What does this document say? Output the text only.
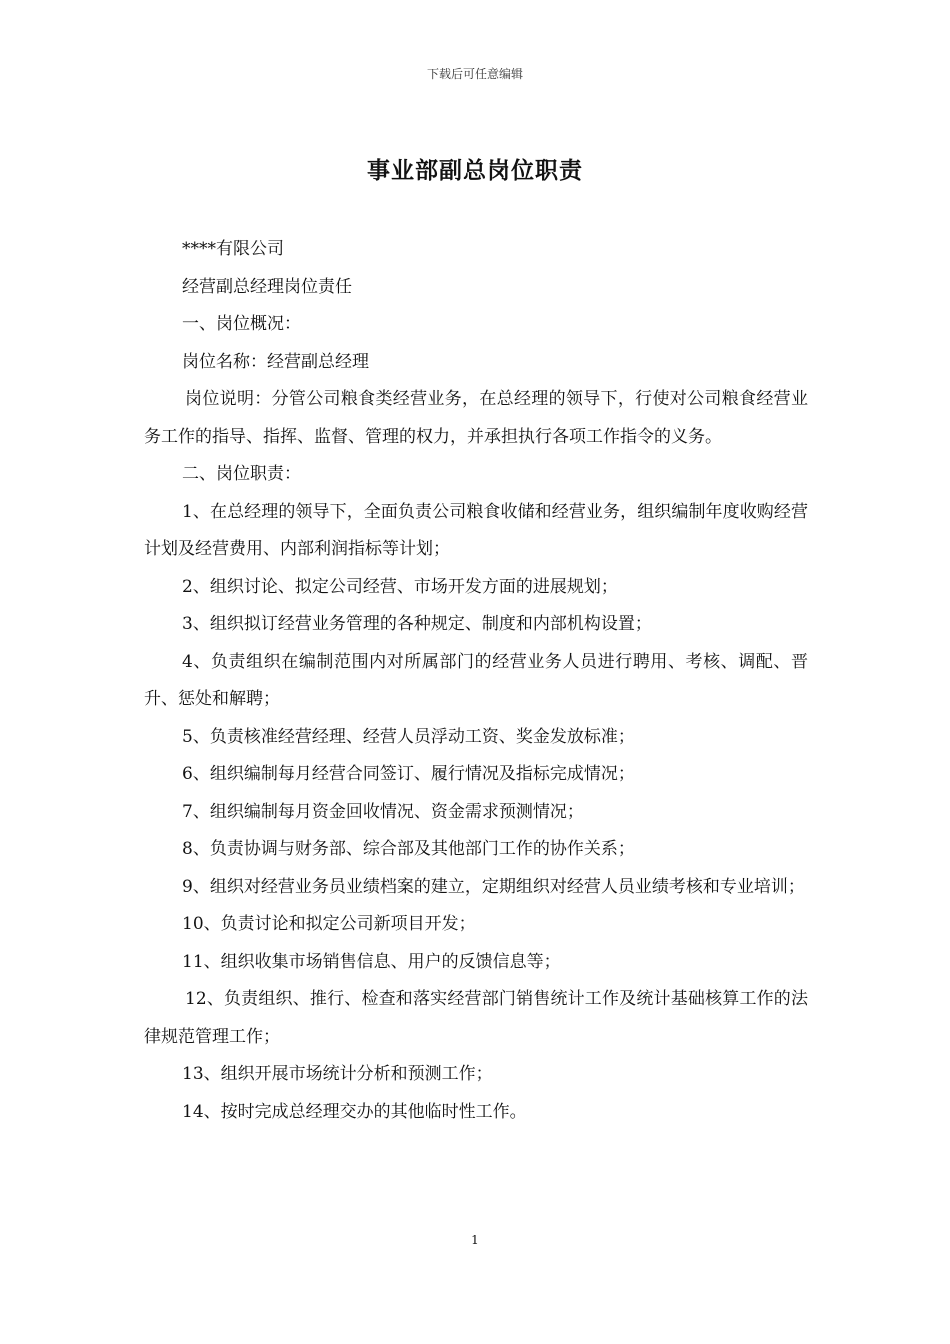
下载后可任意编辑
事业部副总岗位职责

****有限公司

经营副总经理岗位责任

一、岗位概况：

岗位名称：经营副总经理

岗位说明：分管公司粮食类经营业务，在总经理的领导下，行使对公司粮食经营业务工作的指导、指挥、监督、管理的权力，并承担执行各项工作指令的义务。

二、岗位职责：

1、在总经理的领导下，全面负责公司粮食收储和经营业务，组织编制年度收购经营计划及经营费用、内部利润指标等计划；

2、组织讨论、拟定公司经营、市场开发方面的进展规划；

3、组织拟订经营业务管理的各种规定、制度和内部机构设置；

4、负责组织在编制范围内对所属部门的经营业务人员进行聘用、考核、调配、晋升、惩处和解聘；

5、负责核准经营经理、经营人员浮动工资、奖金发放标准；

6、组织编制每月经营合同签订、履行情况及指标完成情况；

7、组织编制每月资金回收情况、资金需求预测情况；

8、负责协调与财务部、综合部及其他部门工作的协作关系；

9、组织对经营业务员业绩档案的建立，定期组织对经营人员业绩考核和专业培训；

10、负责讨论和拟定公司新项目开发；

11、组织收集市场销售信息、用户的反馈信息等；

12、负责组织、推行、检查和落实经营部门销售统计工作及统计基础核算工作的法律规范管理工作；

13、组织开展市场统计分析和预测工作；

14、按时完成总经理交办的其他临时性工作。

1
